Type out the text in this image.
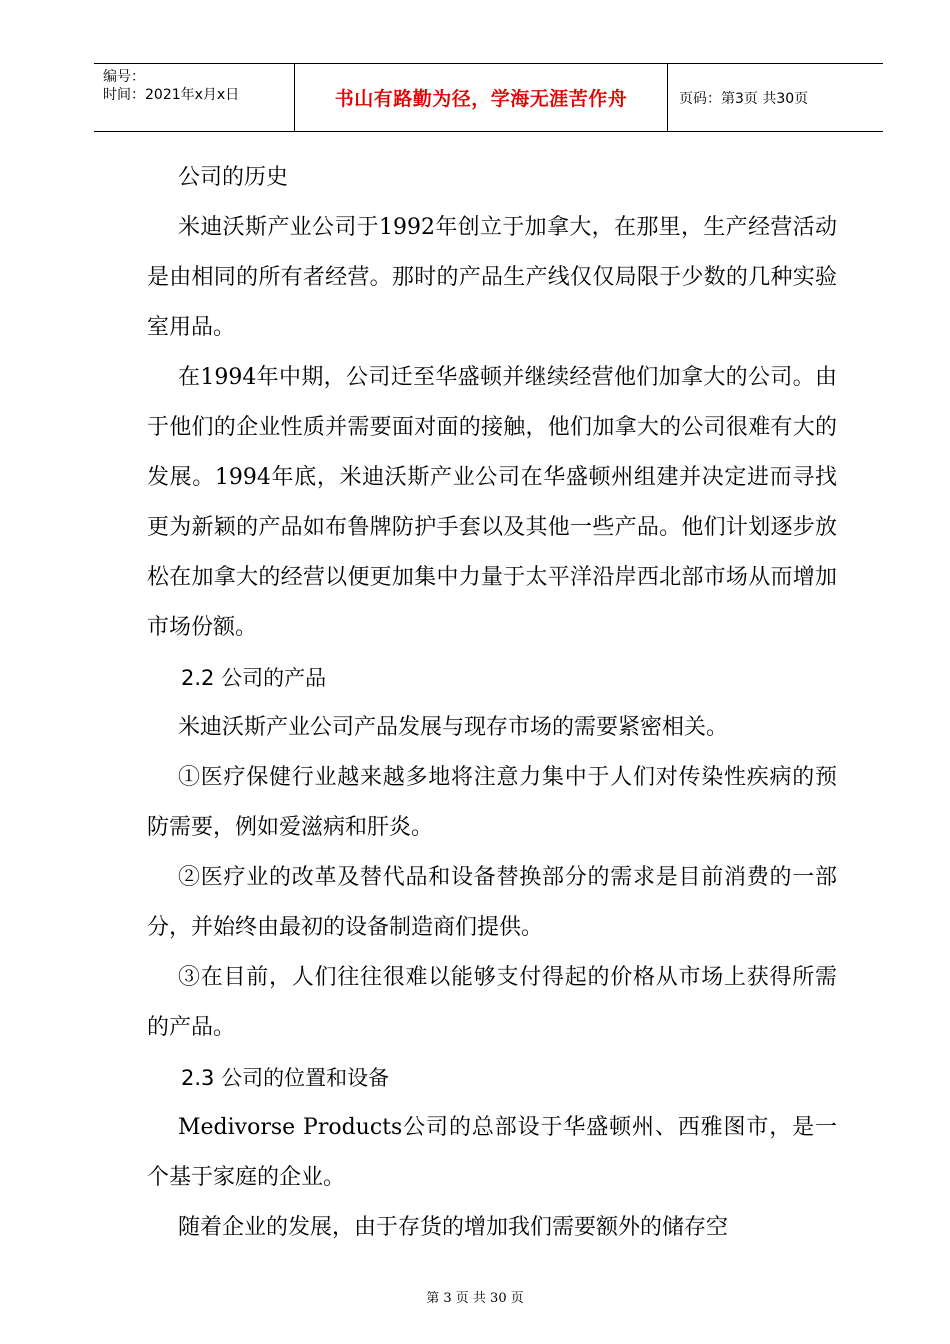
编号：
时间：2021年x月x日	书山有路勤为径，学海无涯苦作舟	页码：第3页 共30页

公司的历史

米迪沃斯产业公司于1992年创立于加拿大，在那里，生产经营活动是由相同的所有者经营。那时的产品生产线仅仅局限于少数的几种实验室用品。

在1994年中期，公司迁至华盛顿并继续经营他们加拿大的公司。由于他们的企业性质并需要面对面的接触，他们加拿大的公司很难有大的发展。1994年底，米迪沃斯产业公司在华盛顿州组建并决定进而寻找更为新颖的产品如布鲁牌防护手套以及其他一些产品。他们计划逐步放松在加拿大的经营以便更加集中力量于太平洋沿岸西北部市场从而增加市场份额。

2.2 公司的产品

米迪沃斯产业公司产品发展与现存市场的需要紧密相关。

①医疗保健行业越来越多地将注意力集中于人们对传染性疾病的预防需要，例如爱滋病和肝炎。

②医疗业的改革及替代品和设备替换部分的需求是目前消费的一部分，并始终由最初的设备制造商们提供。

③在目前，人们往往很难以能够支付得起的价格从市场上获得所需的产品。

2.3 公司的位置和设备

Medivorse Products公司的总部设于华盛顿州、西雅图市，是一个基于家庭的企业。

随着企业的发展，由于存货的增加我们需要额外的储存空

第 3 页 共 30 页
